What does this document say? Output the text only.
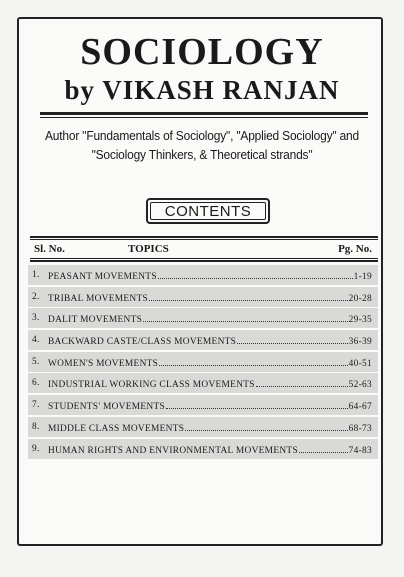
SOCIOLOGY
by VIKASH RANJAN
Author "Fundamentals of Sociology", "Applied Sociology" and
"Sociology Thinkers, & Theoretical strands"
CONTENTS
Sl. No.	TOPICS	Pg. No.
1. PEASANT MOVEMENTS	1-19
2. TRIBAL MOVEMENTS	20-28
3. DALIT MOVEMENTS	29-35
4. BACKWARD CASTE/CLASS MOVEMENTS	36-39
5. WOMEN'S MOVEMENTS	40-51
6. INDUSTRIAL WORKING CLASS MOVEMENTS	52-63
7. STUDENTS' MOVEMENTS	64-67
8. MIDDLE CLASS MOVEMENTS	68-73
9. HUMAN RIGHTS AND ENVIRONMENTAL MOVEMENTS	74-83
